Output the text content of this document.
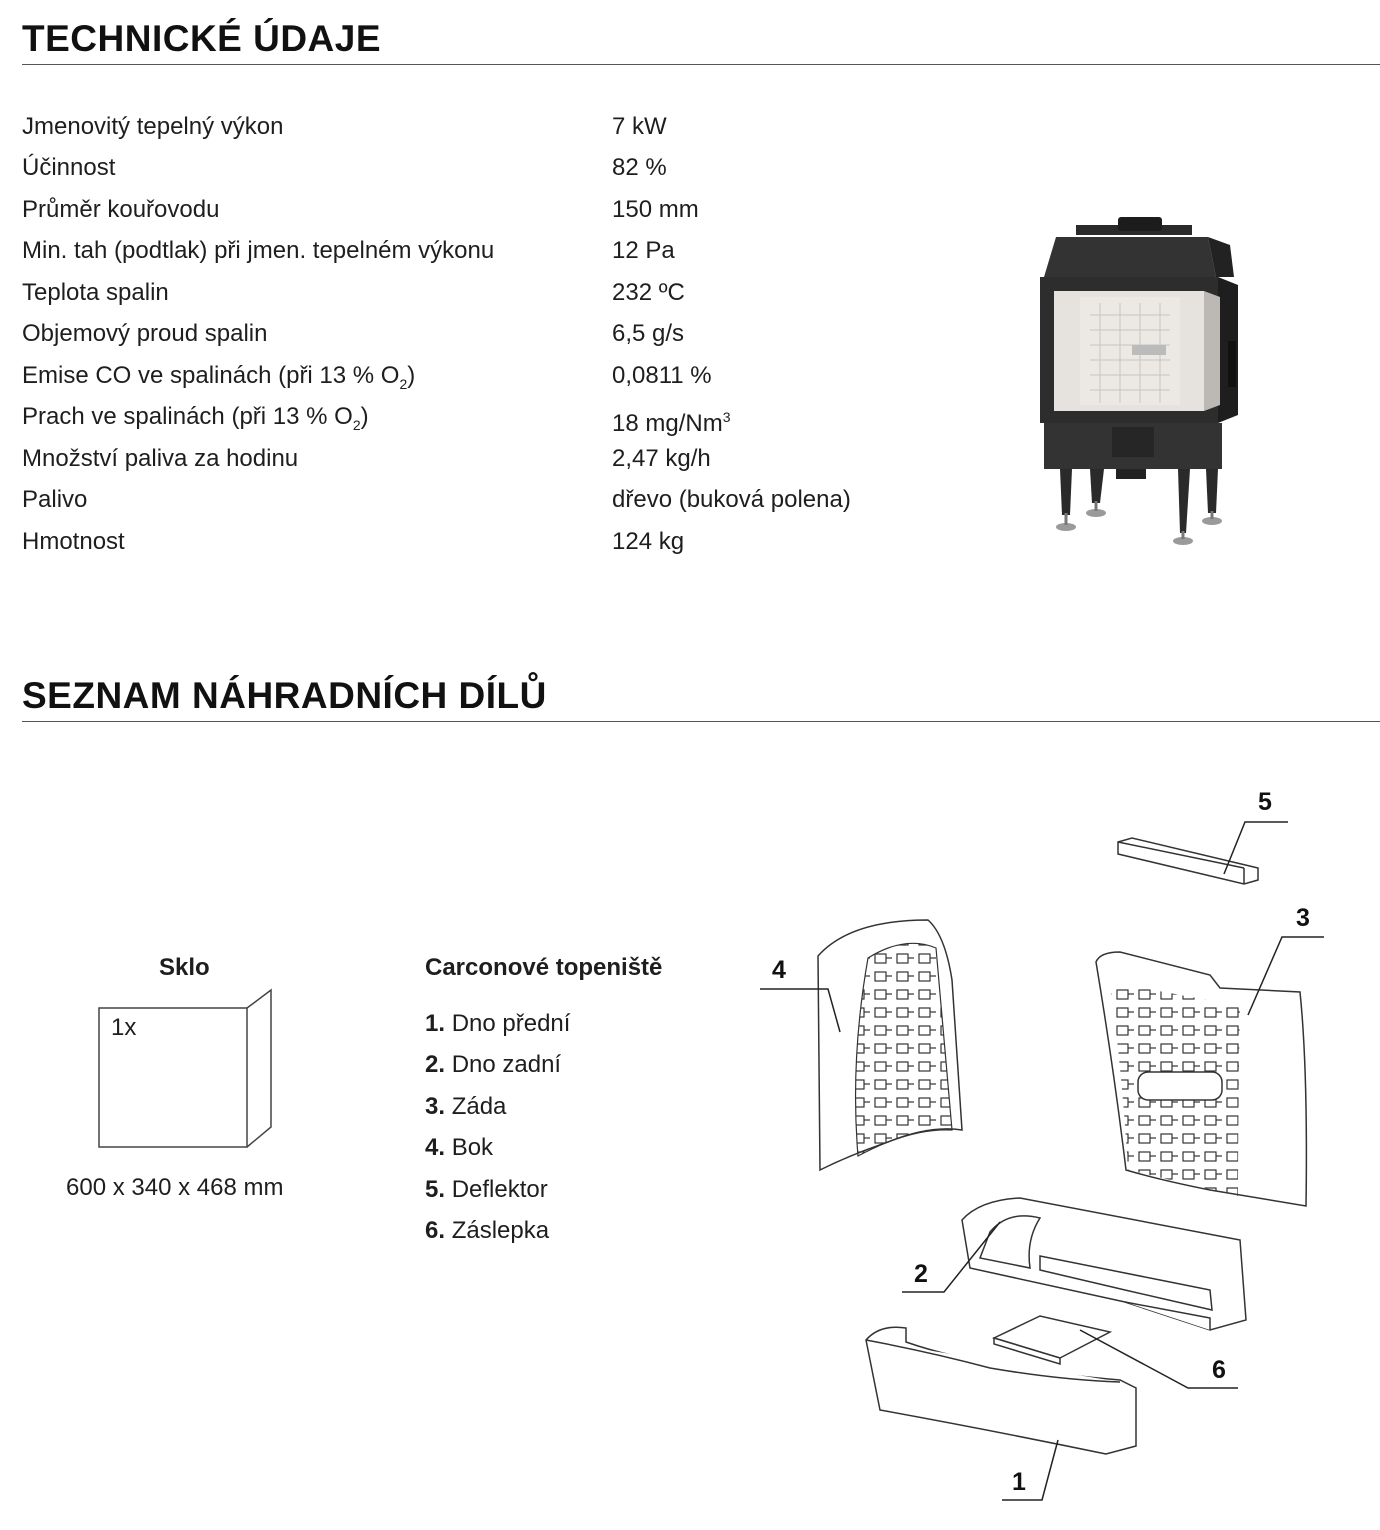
TECHNICKÉ ÚDAJE
Jmenovitý tepelný výkon	7 kW
Účinnost	82 %
Průměr kouřovodu	150 mm
Min. tah (podtlak) při jmen. tepelném výkonu	12 Pa
Teplota spalin	232 ºC
Objemový proud spalin	6,5 g/s
Emise CO ve spalinách (při 13 % $O_2$)	0,0811 %
Prach ve spalinách (při 13 % $O_2$)	18 mg/Nm$^3$
Množství paliva za hodinu	2,47 kg/h
Palivo	dřevo (buková polena)
Hmotnost	124 kg
SEZNAM NÁHRADNÍCH DÍLŮ
Sklo
1x
600 x 340 x 468 mm
Carconové topeniště
1. Dno přední
2. Dno zadní
3. Záda
4. Bok
5. Deflektor
6. Záslepka
5
3
4
2
6
1
